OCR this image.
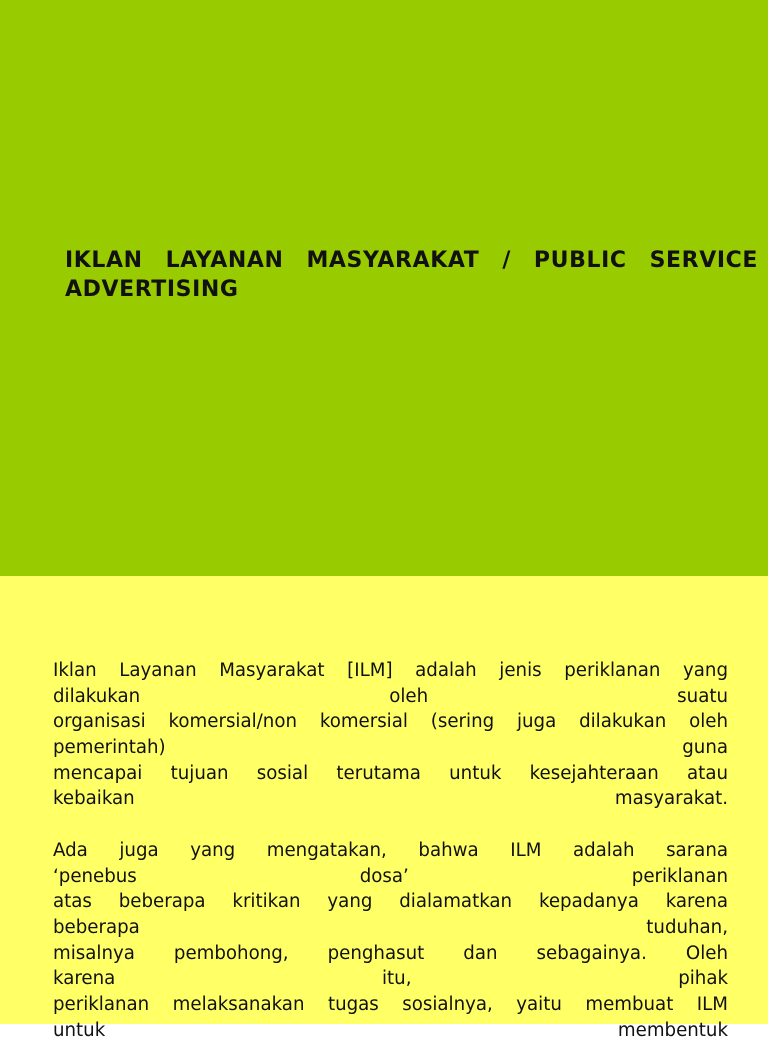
IKLAN LAYANAN MASYARAKAT / PUBLIC SERVICE ADVERTISING
Iklan Layanan Masyarakat [ILM] adalah jenis periklanan yang
dilakukan oleh suatu
organisasi komersial/non komersial (sering juga dilakukan oleh
pemerintah) guna
mencapai tujuan sosial terutama untuk kesejahteraan atau
kebaikan masyarakat.
Ada juga yang mengatakan, bahwa ILM adalah sarana
‘penebus dosa’ periklanan
atas beberapa kritikan yang dialamatkan kepadanya karena
beberapa tuduhan,
misalnya pembohong, penghasut dan sebagainya. Oleh
karena itu, pihak
periklanan melaksanakan tugas sosialnya, yaitu membuat ILM
untuk membentuk
